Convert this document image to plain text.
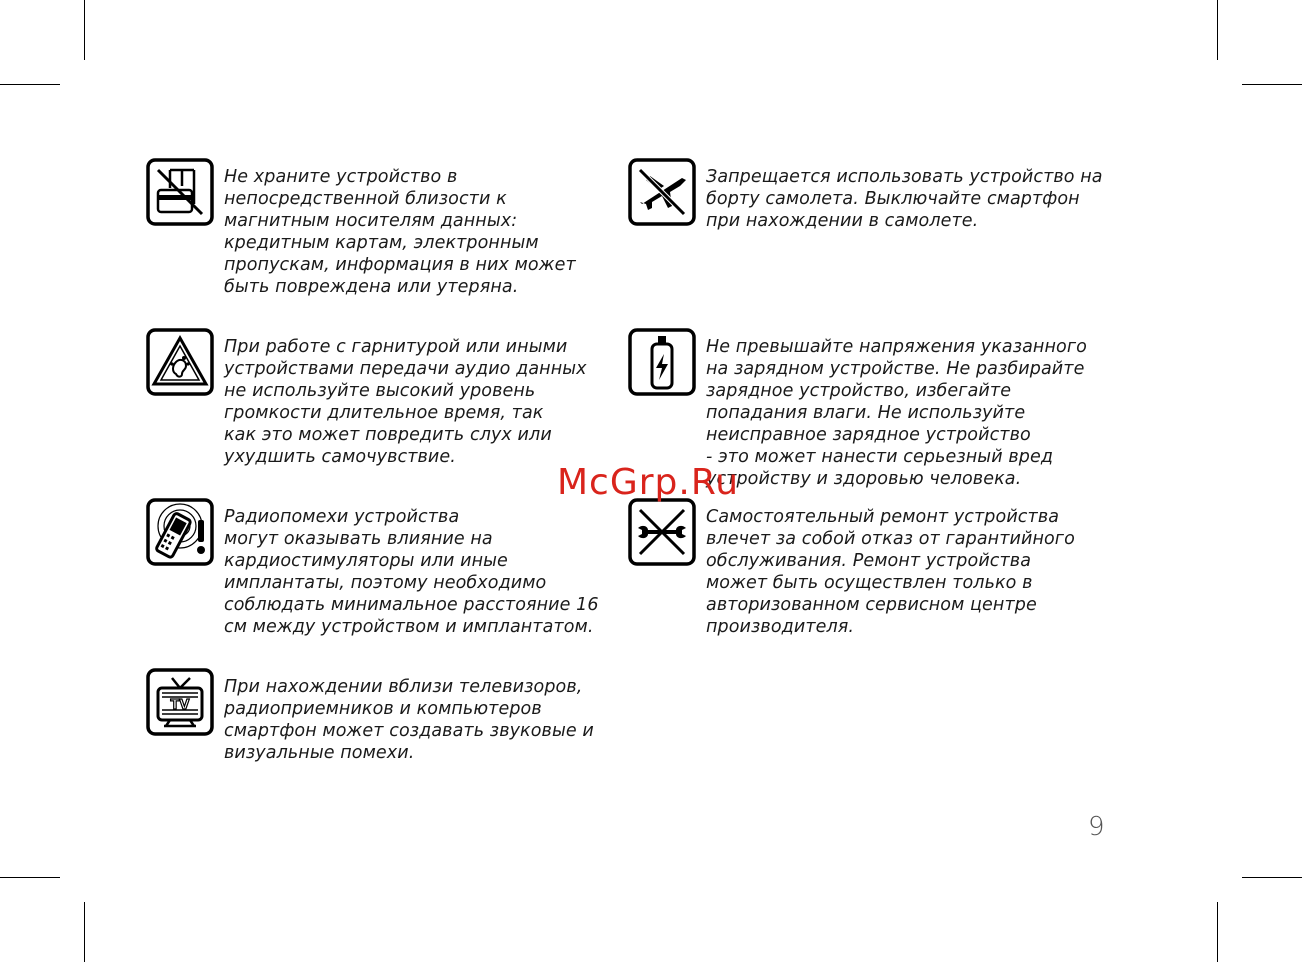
Не храните устройство в
непосредственной близости к
магнитным носителям данных:
кредитным картам, электронным
пропускам, информация в них может
быть повреждена или утеряна.
Запрещается использовать устройство на
борту самолета. Выключайте смартфон
при нахождении в самолете.
При работе с гарнитурой или иными
устройствами передачи аудио данных
не используйте высокий уровень
громкости длительное время, так
как это может повредить слух или
ухудшить самочувствие.
Не превышайте напряжения указанного
на зарядном устройстве. Не разбирайте
зарядное устройство, избегайте
попадания влаги. Не используйте
неисправное зарядное устройство
- это может нанести серьезный вред
устройству и здоровью человека.
Радиопомехи устройства
могут оказывать влияние на
кардиостимуляторы или иные
имплантаты, поэтому необходимо
соблюдать минимальное расстояние 16
см между устройством и имплантатом.
Самостоятельный ремонт устройства
влечет за собой отказ от гарантийного
обслуживания. Ремонт устройства
может быть осуществлен только в
авторизованном сервисном центре
производителя.
TV
При нахождении вблизи телевизоров,
радиоприемников и компьютеров
смартфон может создавать звуковые и
визуальные помехи.
McGrp.Ru
9
